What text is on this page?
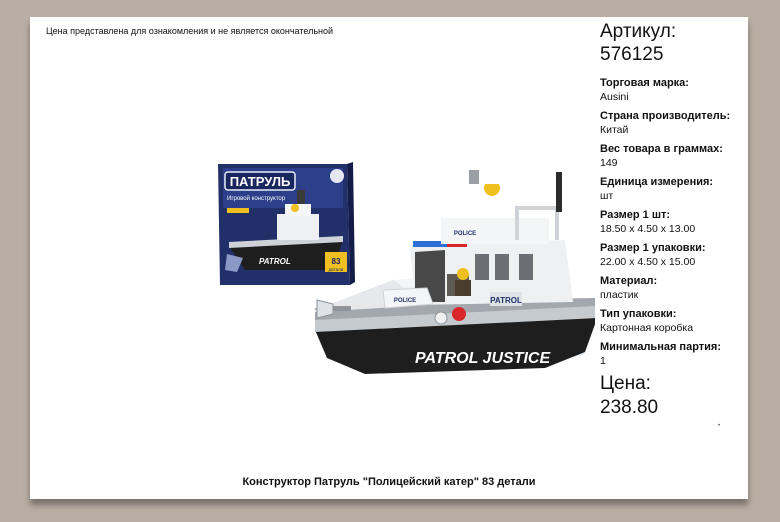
Цена представлена для ознакомления и не является окончательной
ПАТРУЛЬ
Игровой конструктор
PATROL	83
детали
PATROL
POLICE
POLICE
PATROL JUSTICE
Артикул:
576125
Торговая марка:
Ausini
Страна производитель:
Китай
Вес товара в граммах:
149
Единица измерения:
шт
Размер 1 шт:
18.50 x 4.50 x 13.00
Размер 1 упаковки:
22.00 x 4.50 x 15.00
Материал:
пластик
Тип упаковки:
Картонная коробка
Минимальная партия:
1
Цена:
238.80
•
Конструктор Патруль "Полицейский катер" 83 детали
